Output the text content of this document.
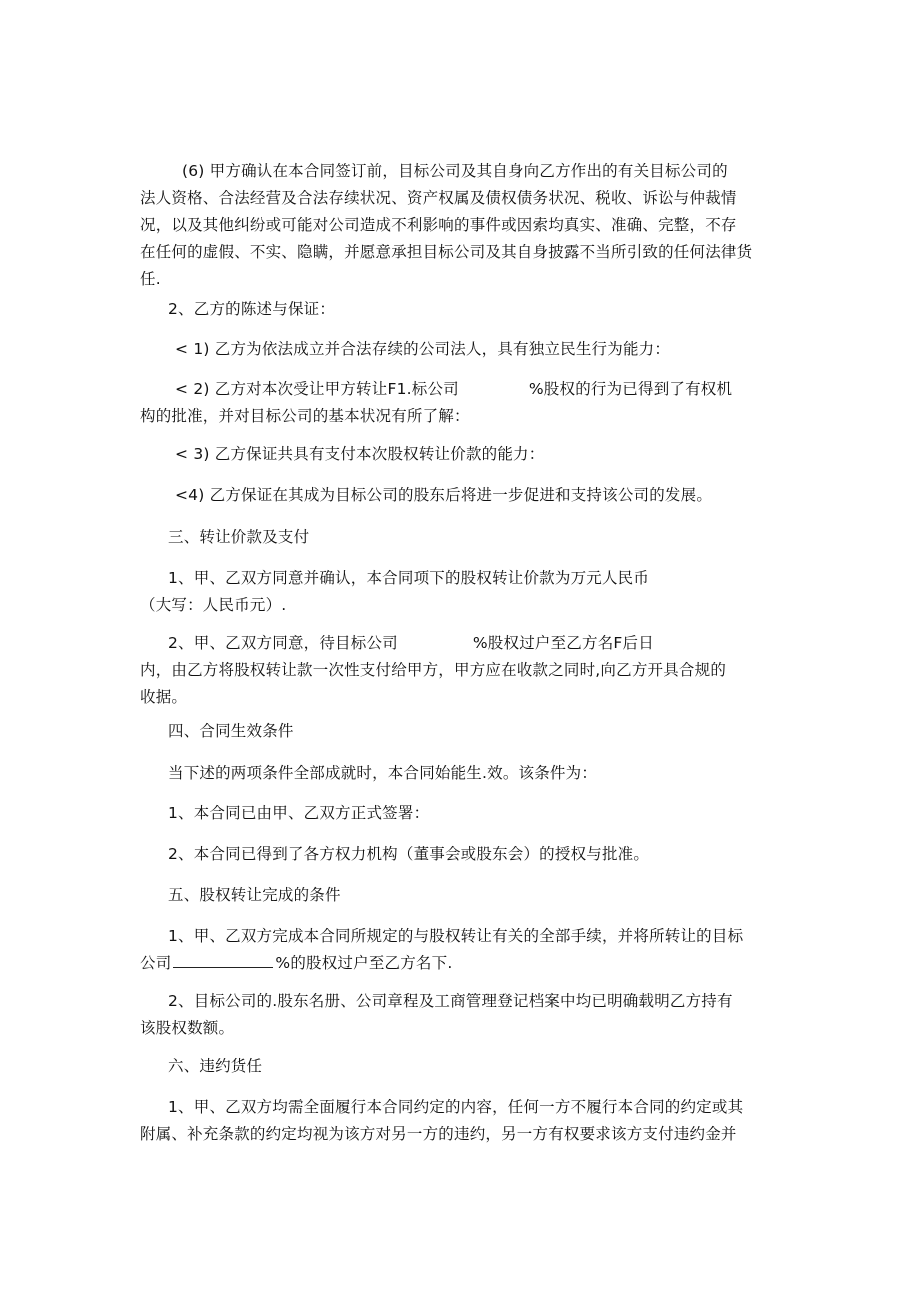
(6) 甲方确认在本合同签订前，目标公司及其自身向乙方作出的有关目标公司的
法人资格、合法经营及合法存续状况、资产权属及债权债务状况、税收、诉讼与仲裁情
况，以及其他纠纷或可能对公司造成不利影响的事件或因索均真实、准确、完整，不存
在任何的虚假、不实、隐瞒，并愿意承担目标公司及其自身披露不当所引致的任何法律货
任.
2、乙方的陈述与保证：
< 1) 乙方为依法成立并合法存续的公司法人，具有独立民生行为能力：
< 2) 乙方对本次受让甲方转让F1.标公司	%股权的行为已得到了有权机
构的批准，并对目标公司的基本状况有所了解：
< 3) 乙方保证共具有支付本次股权转让价款的能力：
<4) 乙方保证在其成为目标公司的股东后将进一步促进和支持该公司的发展。
三、转让价款及支付
1、甲、乙双方同意并确认，本合同项下的股权转让价款为万元人民币
（大写：人民币元）.
2、甲、乙双方同意，待目标公司	%股权过户至乙方名F后日
内，由乙方将股权转让款一次性支付给甲方，甲方应在收款之同时,向乙方开具合规的
收据。
四、合同生效条件
当下述的两项条件全部成就时，本合同始能生.效。该条件为：
1、本合同已由甲、乙双方正式签署：
2、本合同已得到了各方权力机构（董事会或股东会）的授权与批准。
五、股权转让完成的条件
1、甲、乙双方完成本合同所规定的与股权转让有关的全部手续，并将所转让的目标
公司	%的股权过户至乙方名下.
2、目标公司的.股东名册、公司章程及工商管理登记档案中均已明确载明乙方持有
该股权数额。
六、违约货任
1、甲、乙双方均需全面履行本合同约定的内容，任何一方不履行本合同的约定或其
附属、补充条款的约定均视为该方对另一方的违约，另一方有权要求该方支付违约金并
